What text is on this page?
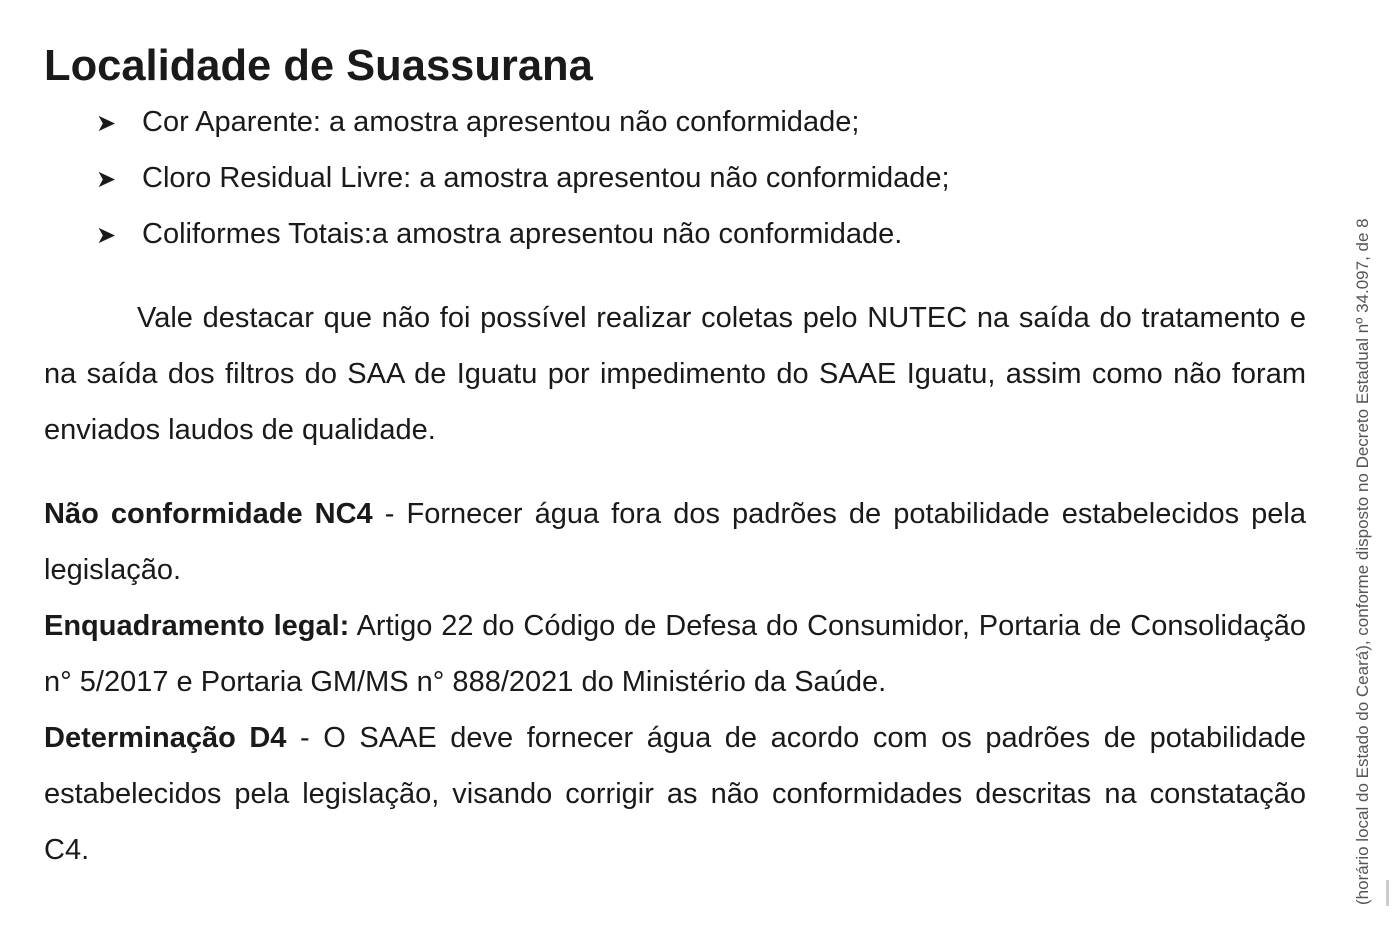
Localidade de Suassurana
➤ Cor Aparente: a amostra apresentou não conformidade;
➤ Cloro Residual Livre: a amostra apresentou não conformidade;
➤ Coliformes Totais:a amostra apresentou não conformidade.

Vale destacar que não foi possível realizar coletas pelo NUTEC na saída do tratamento e na saída dos filtros do SAA de Iguatu por impedimento do SAAE Iguatu, assim como não foram enviados laudos de qualidade.

Não conformidade NC4 - Fornecer água fora dos padrões de potabilidade estabelecidos pela legislação.

Enquadramento legal: Artigo 22 do Código de Defesa do Consumidor, Portaria de Consolidação n° 5/2017 e Portaria GM/MS n° 888/2021 do Ministério da Saúde.

Determinação D4 - O SAAE deve fornecer água de acordo com os padrões de potabilidade estabelecidos pela legislação, visando corrigir as não conformidades descritas na constatação C4.	(horário local do Estado do Ceará), conforme disposto no Decreto Estadual nº 34.097, de 8
